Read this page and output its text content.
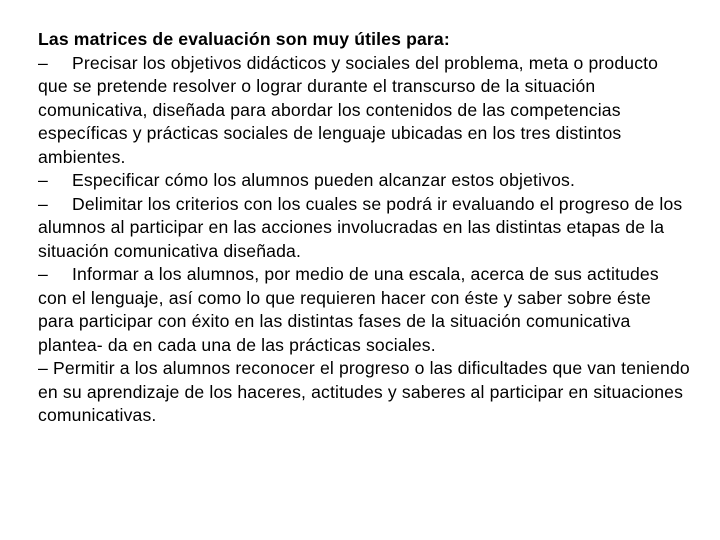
Las matrices de evaluación son muy útiles para:
– Precisar los objetivos didácticos y sociales del problema, meta o producto que se pretende resolver o lograr durante el transcurso de la situación comunicativa, diseñada para abordar los contenidos de las competencias específicas y prácticas sociales de lenguaje ubicadas en los tres distintos ambientes.
– Especificar cómo los alumnos pueden alcanzar estos objetivos.
– Delimitar los criterios con los cuales se podrá ir evaluando el progreso de los alumnos al participar en las acciones involucradas en las distintas etapas de la situación comunicativa diseñada.
– Informar a los alumnos, por medio de una escala, acerca de sus actitudes con el lenguaje, así como lo que requieren hacer con éste y saber sobre éste para participar con éxito en las distintas fases de la situación comunicativa plantea- da en cada una de las prácticas sociales.
– Permitir a los alumnos reconocer el progreso o las dificultades que van teniendo en su aprendizaje de los haceres, actitudes y saberes al participar en situaciones comunicativas.
